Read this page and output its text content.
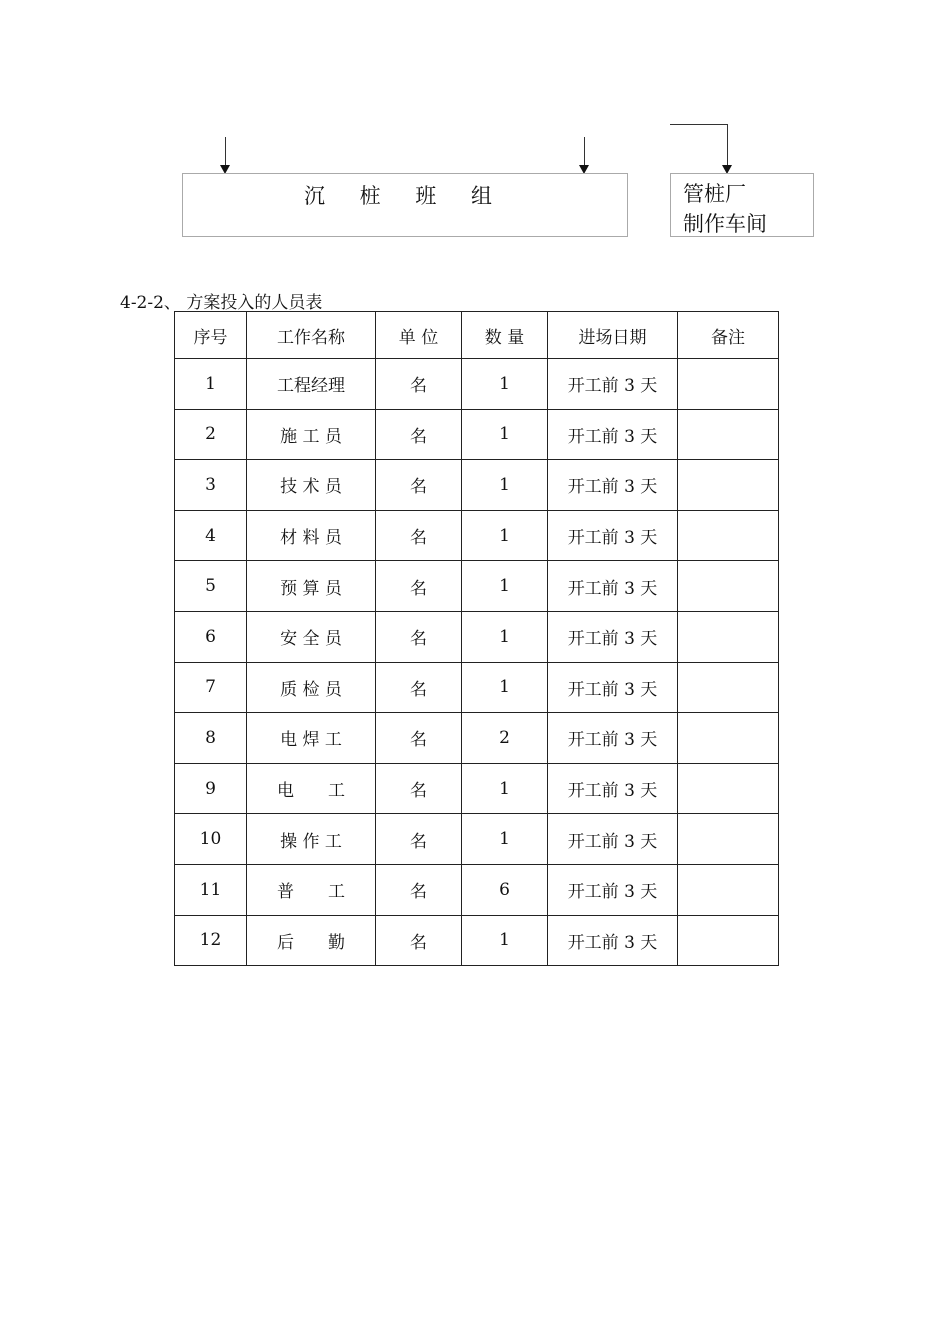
沉 桩 班 组	管桩厂
制作车间
4-2-2、 方案投入的人员表
序号	工作名称	单 位	数 量	进场日期	备注
1	工程经理	名	1	开工前 3 天	
2	施 工 员	名	1	开工前 3 天	
3	技 术 员	名	1	开工前 3 天	
4	材 料 员	名	1	开工前 3 天	
5	预 算 员	名	1	开工前 3 天	
6	安 全 员	名	1	开工前 3 天	
7	质 检 员	名	1	开工前 3 天	
8	电 焊 工	名	2	开工前 3 天	
9	电　　工	名	1	开工前 3 天	
10	操 作 工	名	1	开工前 3 天	
11	普　　工	名	6	开工前 3 天	
12	后　　勤	名	1	开工前 3 天	
